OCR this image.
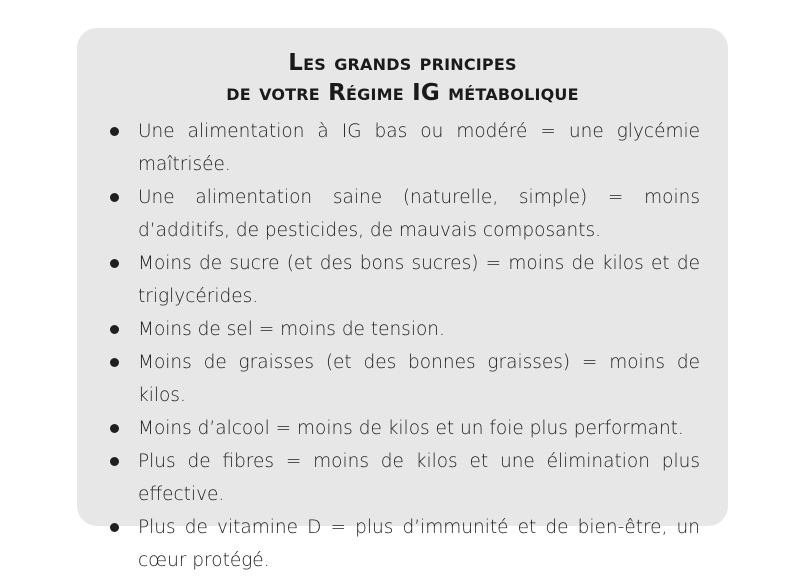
Les grands principes
de votre Régime IG métabolique
Une alimentation à IG bas ou modéré = une glycémie maîtrisée.
Une alimentation saine (naturelle, simple) = moins d’additifs, de pesticides, de mauvais composants.
Moins de sucre (et des bons sucres) = moins de kilos et de triglycérides.
Moins de sel = moins de tension.
Moins de graisses (et des bonnes graisses) = moins de kilos.
Moins d’alcool = moins de kilos et un foie plus performant.
Plus de fibres = moins de kilos et une élimination plus effective.
Plus de vitamine D = plus d’immunité et de bien-être, un cœur protégé.
